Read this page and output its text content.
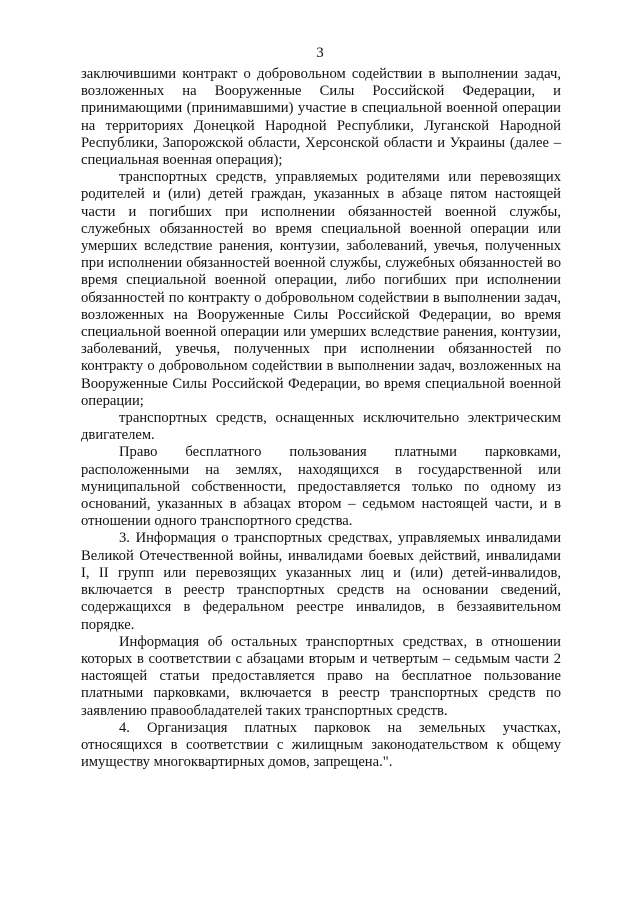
3

заключившими контракт о добровольном содействии в выполнении задач, возложенных на Вооруженные Силы Российской Федерации, и принимающими (принимавшими) участие в специальной военной операции на территориях Донецкой Народной Республики, Луганской Народной Республики, Запорожской области, Херсонской области и Украины (далее – специальная военная операция);

транспортных средств, управляемых родителями или перевозящих родителей и (или) детей граждан, указанных в абзаце пятом настоящей части и погибших при исполнении обязанностей военной службы, служебных обязанностей во время специальной военной операции или умерших вследствие ранения, контузии, заболеваний, увечья, полученных при исполнении обязанностей военной службы, служебных обязанностей во время специальной военной операции, либо погибших при исполнении обязанностей по контракту о добровольном содействии в выполнении задач, возложенных на Вооруженные Силы Российской Федерации, во время специальной военной операции или умерших вследствие ранения, контузии, заболеваний, увечья, полученных при исполнении обязанностей по контракту о добровольном содействии в выполнении задач, возложенных на Вооруженные Силы Российской Федерации, во время специальной военной операции;

транспортных средств, оснащенных исключительно электрическим двигателем.

Право бесплатного пользования платными парковками, расположенными на землях, находящихся в государственной или муниципальной собственности, предоставляется только по одному из оснований, указанных в абзацах втором – седьмом настоящей части, и в отношении одного транспортного средства.

3. Информация о транспортных средствах, управляемых инвалидами Великой Отечественной войны, инвалидами боевых действий, инвалидами I, II групп или перевозящих указанных лиц и (или) детей-инвалидов, включается в реестр транспортных средств на основании сведений, содержащихся в федеральном реестре инвалидов, в беззаявительном порядке.

Информация об остальных транспортных средствах, в отношении которых в соответствии с абзацами вторым и четвертым – седьмым части 2 настоящей статьи предоставляется право на бесплатное пользование платными парковками, включается в реестр транспортных средств по заявлению правообладателей таких транспортных средств.

4. Организация платных парковок на земельных участках, относящихся в соответствии с жилищным законодательством к общему имуществу многоквартирных домов, запрещена.".
